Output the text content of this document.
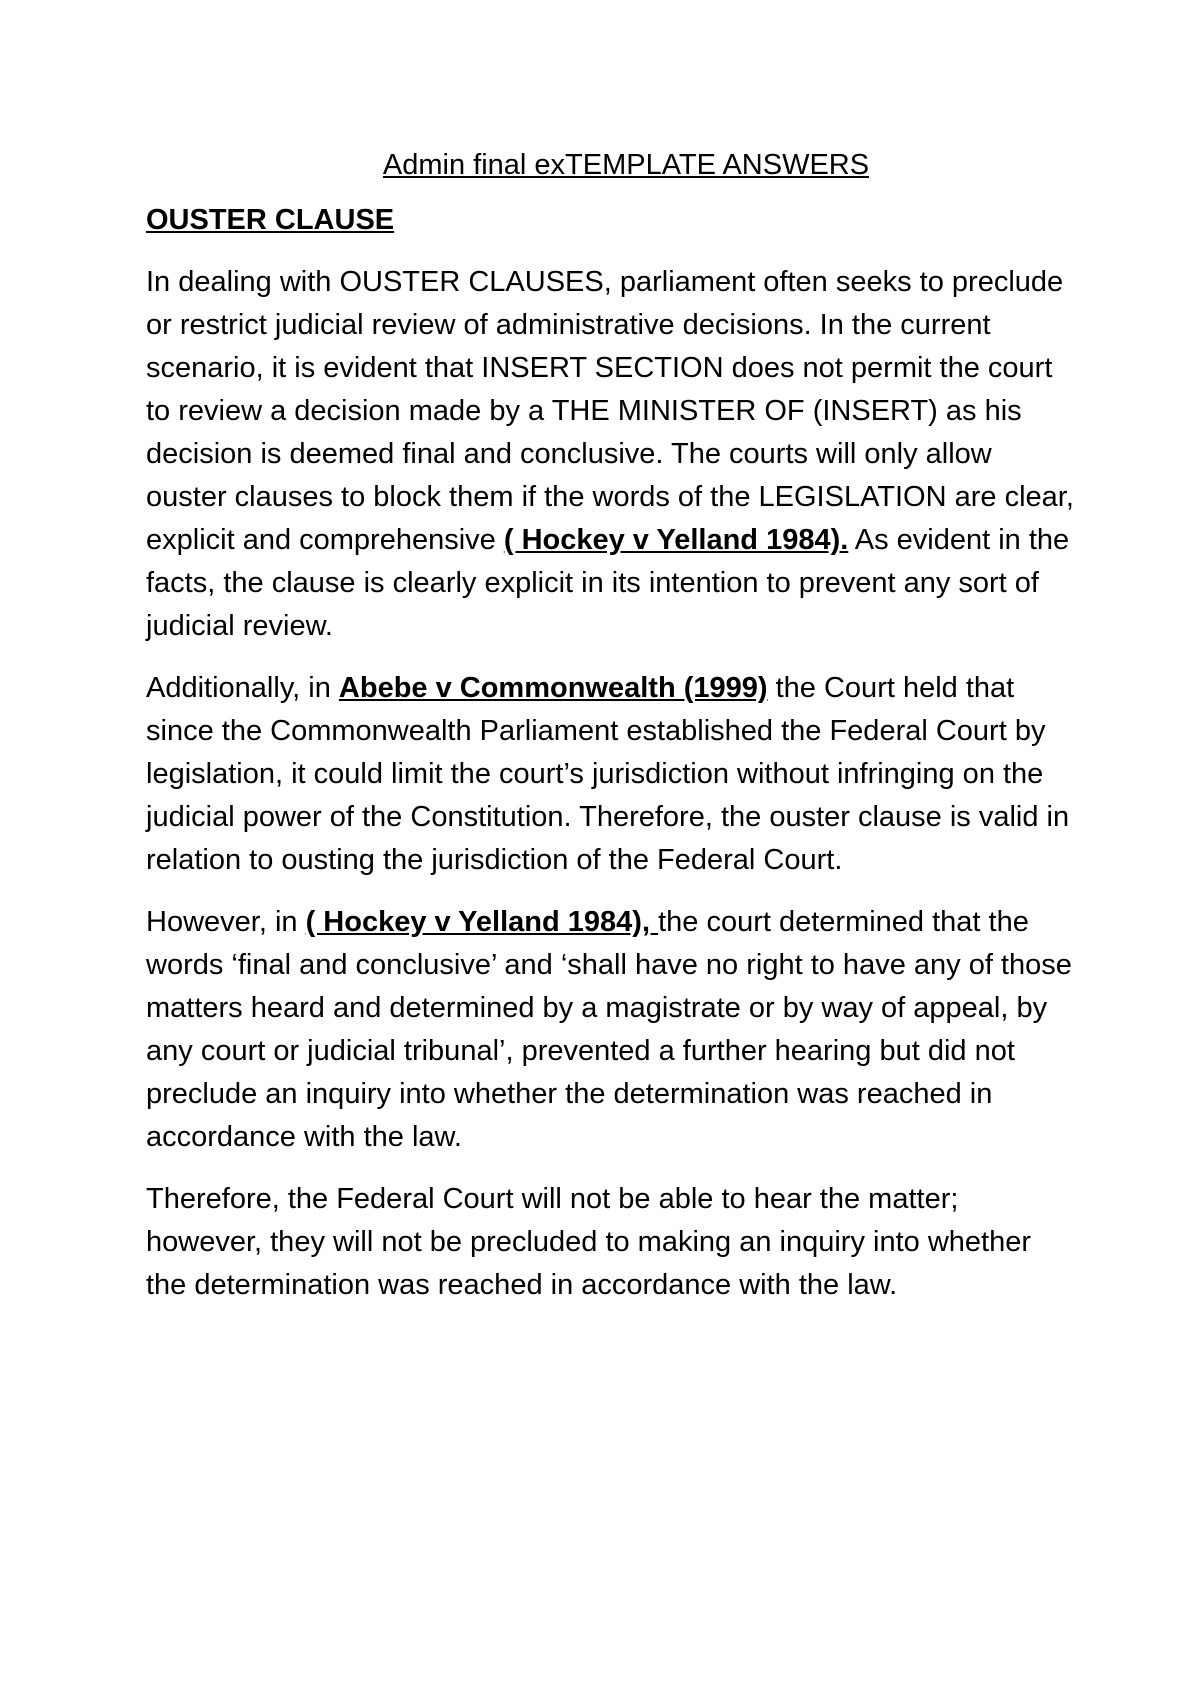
Admin final exTEMPLATE ANSWERS
OUSTER CLAUSE

In dealing with OUSTER CLAUSES, parliament often seeks to preclude or restrict judicial review of administrative decisions. In the current scenario, it is evident that INSERT SECTION does not permit the court to review a decision made by a THE MINISTER OF (INSERT) as his decision is deemed final and conclusive. The courts will only allow ouster clauses to block them if the words of the LEGISLATION are clear, explicit and comprehensive ( Hockey v Yelland 1984). As evident in the facts, the clause is clearly explicit in its intention to prevent any sort of judicial review.

Additionally, in Abebe v Commonwealth (1999) the Court held that since the Commonwealth Parliament established the Federal Court by legislation, it could limit the court’s jurisdiction without infringing on the judicial power of the Constitution. Therefore, the ouster clause is valid in relation to ousting the jurisdiction of the Federal Court.

However, in ( Hockey v Yelland 1984), the court determined that the words ‘final and conclusive’ and ‘shall have no right to have any of those matters heard and determined by a magistrate or by way of appeal, by any court or judicial tribunal’, prevented a further hearing but did not preclude an inquiry into whether the determination was reached in accordance with the law.

Therefore, the Federal Court will not be able to hear the matter; however, they will not be precluded to making an inquiry into whether the determination was reached in accordance with the law.
